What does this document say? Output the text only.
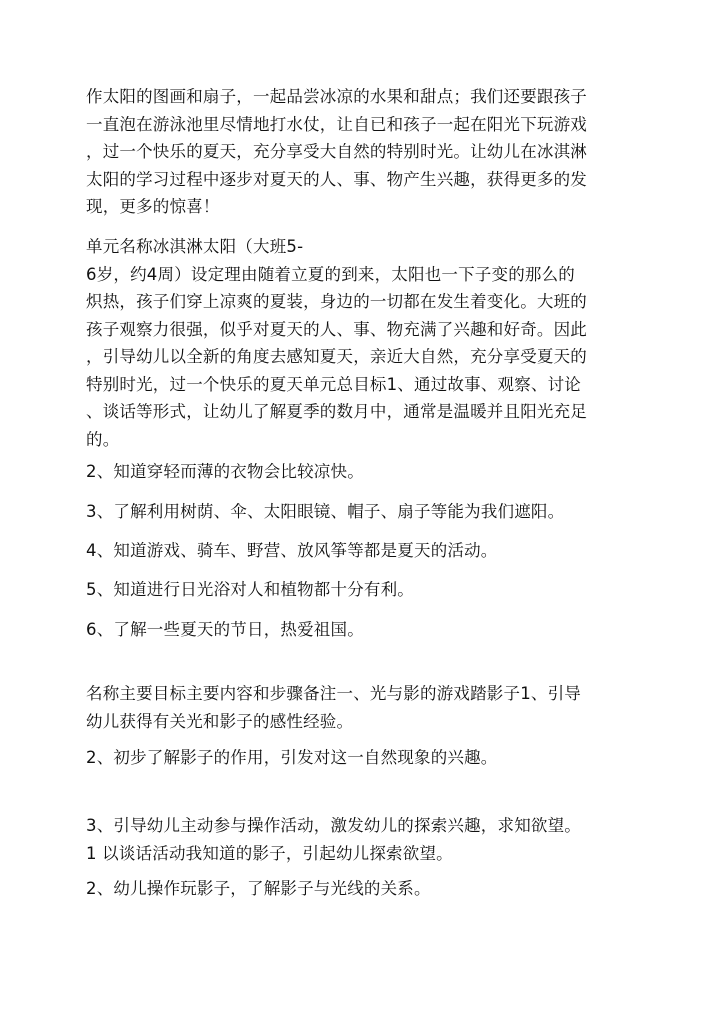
作太阳的图画和扇子，一起品尝冰凉的水果和甜点；我们还要跟孩子
一直泡在游泳池里尽情地打水仗，让自已和孩子一起在阳光下玩游戏
，过一个快乐的夏天，充分享受大自然的特别时光。让幼儿在冰淇淋
太阳的学习过程中逐步对夏天的人、事、物产生兴趣，获得更多的发
现，更多的惊喜！
单元名称冰淇淋太阳（大班5-
6岁，约4周）设定理由随着立夏的到来，太阳也一下子变的那么的
炽热，孩子们穿上凉爽的夏装，身边的一切都在发生着变化。大班的
孩子观察力很强，似乎对夏天的人、事、物充满了兴趣和好奇。因此
，引导幼儿以全新的角度去感知夏天，亲近大自然，充分享受夏天的
特别时光，过一个快乐的夏天单元总目标1、通过故事、观察、讨论
、谈话等形式，让幼儿了解夏季的数月中，通常是温暖并且阳光充足
的。
2、知道穿轻而薄的衣物会比较凉快。
3、了解利用树荫、伞、太阳眼镜、帽子、扇子等能为我们遮阳。
4、知道游戏、骑车、野营、放风筝等都是夏天的活动。
5、知道进行日光浴对人和植物都十分有利。
6、了解一些夏天的节日，热爱祖国。
名称主要目标主要内容和步骤备注一、光与影的游戏踏影子1、引导
幼儿获得有关光和影子的感性经验。
2、初步了解影子的作用，引发对这一自然现象的兴趣。
3、引导幼儿主动参与操作活动，激发幼儿的探索兴趣，求知欲望。
1 以谈话活动我知道的影子，引起幼儿探索欲望。
2、幼儿操作玩影子，了解影子与光线的关系。
